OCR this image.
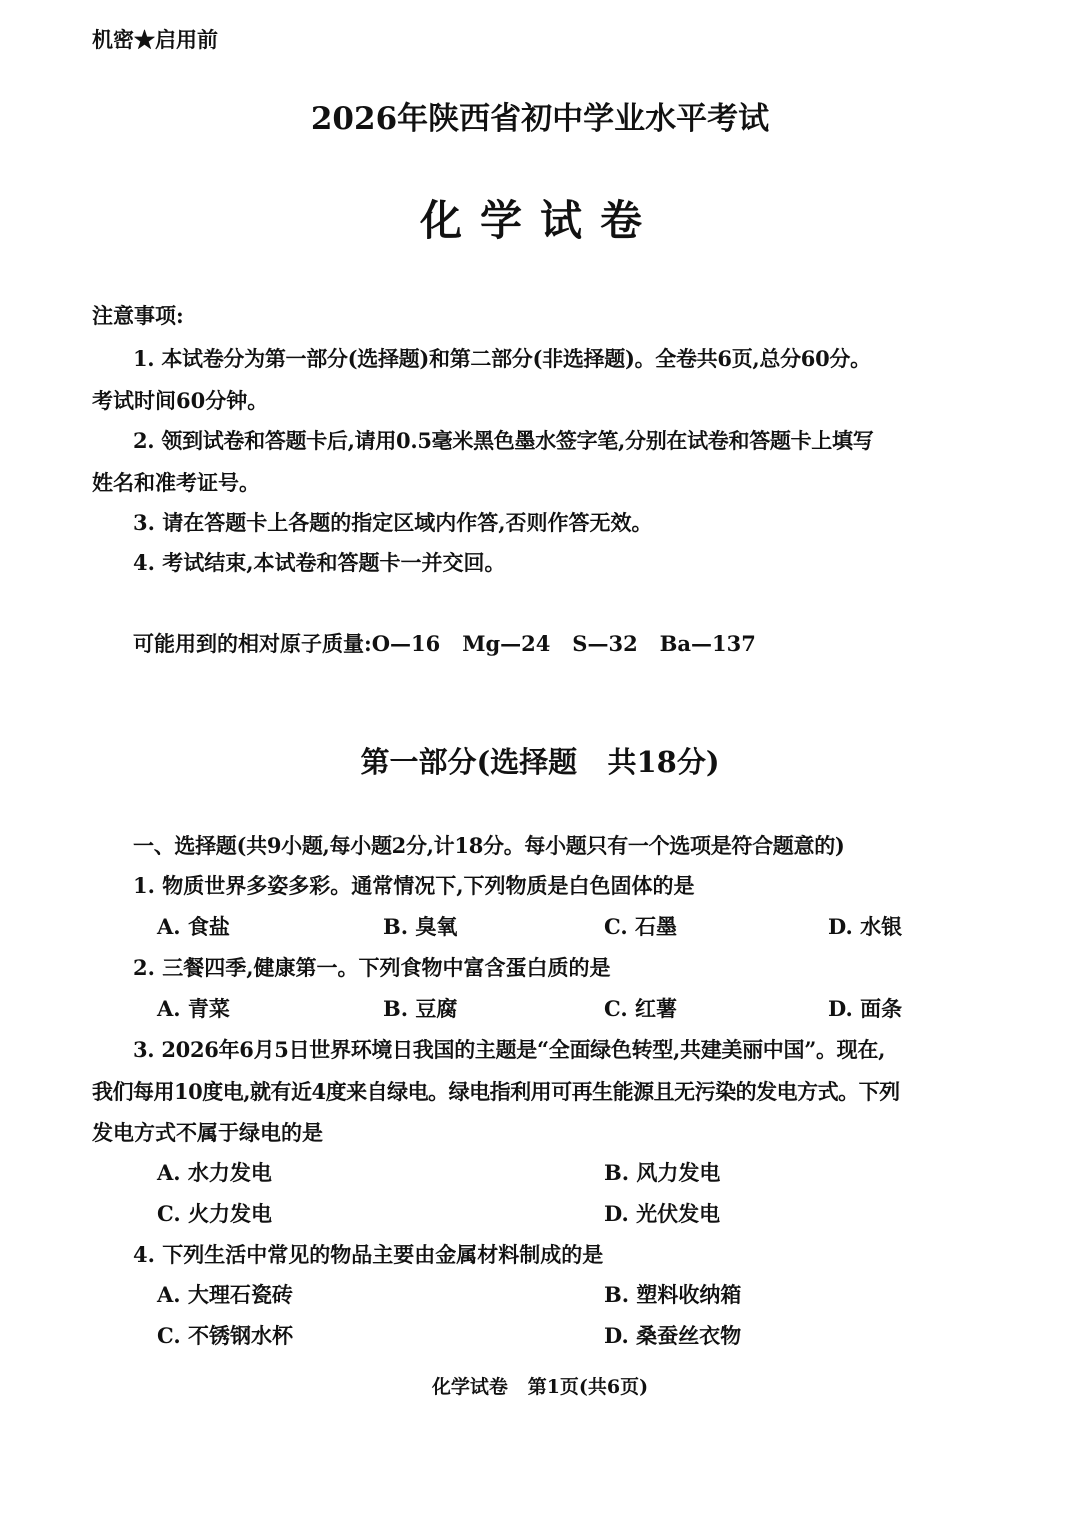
机密★启用前
2026年陕西省初中学业水平考试
化学试卷
注意事项:
1. 本试卷分为第一部分(选择题)和第二部分(非选择题)。全卷共6页,总分60分。
考试时间60分钟。
2. 领到试卷和答题卡后,请用0.5毫米黑色墨水签字笔,分别在试卷和答题卡上填写
姓名和准考证号。
3. 请在答题卡上各题的指定区域内作答,否则作答无效。
4. 考试结束,本试卷和答题卡一并交回。
可能用到的相对原子质量:O—16   Mg—24   S—32   Ba—137
第一部分(选择题   共18分)
一、选择题(共9小题,每小题2分,计18分。每小题只有一个选项是符合题意的)
1. 物质世界多姿多彩。通常情况下,下列物质是白色固体的是
A. 食盐	B. 臭氧	C. 石墨	D. 水银
2. 三餐四季,健康第一。下列食物中富含蛋白质的是
A. 青菜	B. 豆腐	C. 红薯	D. 面条
3. 2026年6月5日世界环境日我国的主题是“全面绿色转型,共建美丽中国”。现在,
我们每用10度电,就有近4度来自绿电。绿电指利用可再生能源且无污染的发电方式。下列
发电方式不属于绿电的是
A. 水力发电	B. 风力发电
C. 火力发电	D. 光伏发电
4. 下列生活中常见的物品主要由金属材料制成的是
A. 大理石瓷砖	B. 塑料收纳箱
C. 不锈钢水杯	D. 桑蚕丝衣物
化学试卷   第1页(共6页)
